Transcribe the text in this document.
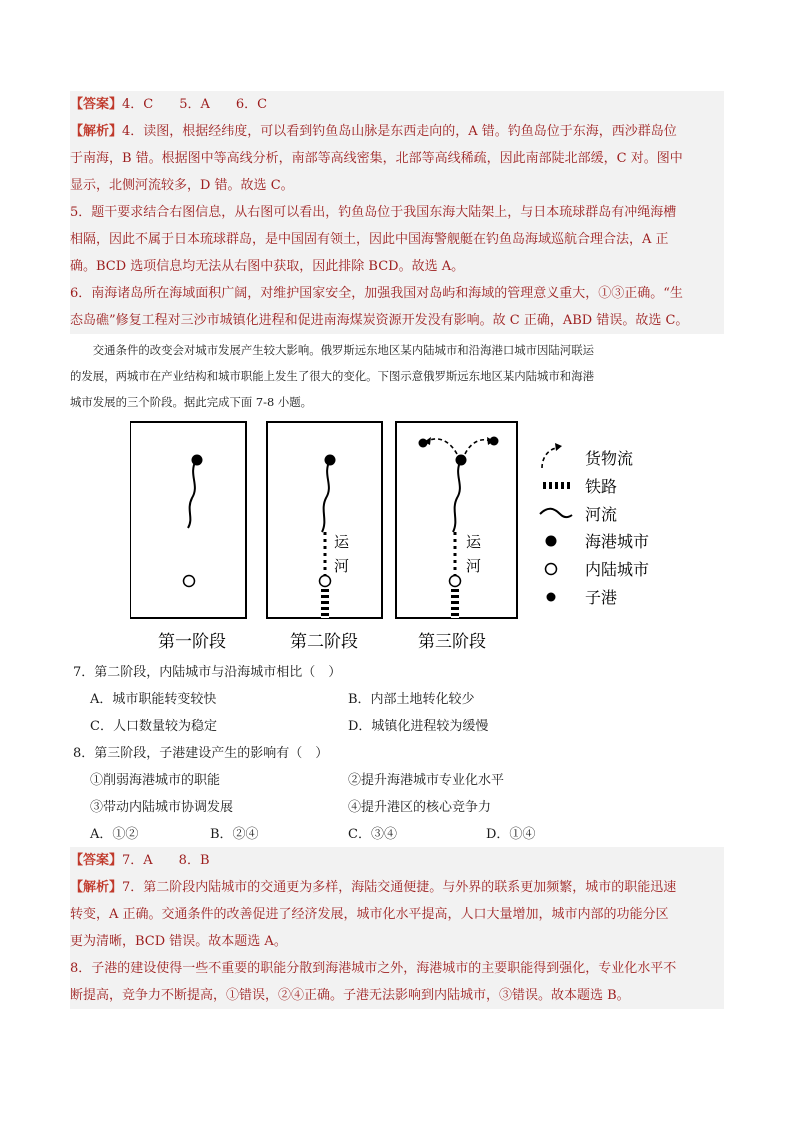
【答案】4．C　　5．A　　6．C
【解析】4．读图，根据经纬度，可以看到钓鱼岛山脉是东西走向的，A 错。钓鱼岛位于东海，西沙群岛位
于南海，B 错。根据图中等高线分析，南部等高线密集，北部等高线稀疏，因此南部陡北部缓，C 对。图中
显示，北侧河流较多，D 错。故选 C。
5．题干要求结合右图信息，从右图可以看出，钓鱼岛位于我国东海大陆架上，与日本琉球群岛有冲绳海槽
相隔，因此不属于日本琉球群岛，是中国固有领土，因此中国海警舰艇在钓鱼岛海域巡航合理合法，A 正
确。BCD 选项信息均无法从右图中获取，因此排除 BCD。故选 A。
6．南海诸岛所在海域面积广阔，对维护国家安全，加强我国对岛屿和海域的管理意义重大，①③正确。“生
态岛礁”修复工程对三沙市城镇化进程和促进南海煤炭资源开发没有影响。故 C 正确，ABD 错误。故选 C。
　　交通条件的改变会对城市发展产生较大影响。俄罗斯远东地区某内陆城市和沿海港口城市因陆河联运
的发展，两城市在产业结构和城市职能上发生了很大的变化。下图示意俄罗斯远东地区某内陆城市和海港
城市发展的三个阶段。据此完成下面 7-8 小题。
第一阶段
运
河
第二阶段
运
河
第三阶段
货物流
铁路
河流
海港城市
内陆城市
子港
7．第二阶段，内陆城市与沿海城市相比（　）
A．城市职能转变较快	B．内部土地转化较少
C．人口数量较为稳定	D．城镇化进程较为缓慢
8．第三阶段，子港建设产生的影响有（　）
①削弱海港城市的职能	②提升海港城市专业化水平
③带动内陆城市协调发展	④提升港区的核心竞争力
A．①②	B．②④	C．③④	D．①④
【答案】7．A　　8．B
【解析】7．第二阶段内陆城市的交通更为多样，海陆交通便捷。与外界的联系更加频繁，城市的职能迅速
转变，A 正确。交通条件的改善促进了经济发展，城市化水平提高，人口大量增加，城市内部的功能分区
更为清晰，BCD 错误。故本题选 A。
8．子港的建设使得一些不重要的职能分散到海港城市之外，海港城市的主要职能得到强化，专业化水平不
断提高，竞争力不断提高，①错误，②④正确。子港无法影响到内陆城市，③错误。故本题选 B。
